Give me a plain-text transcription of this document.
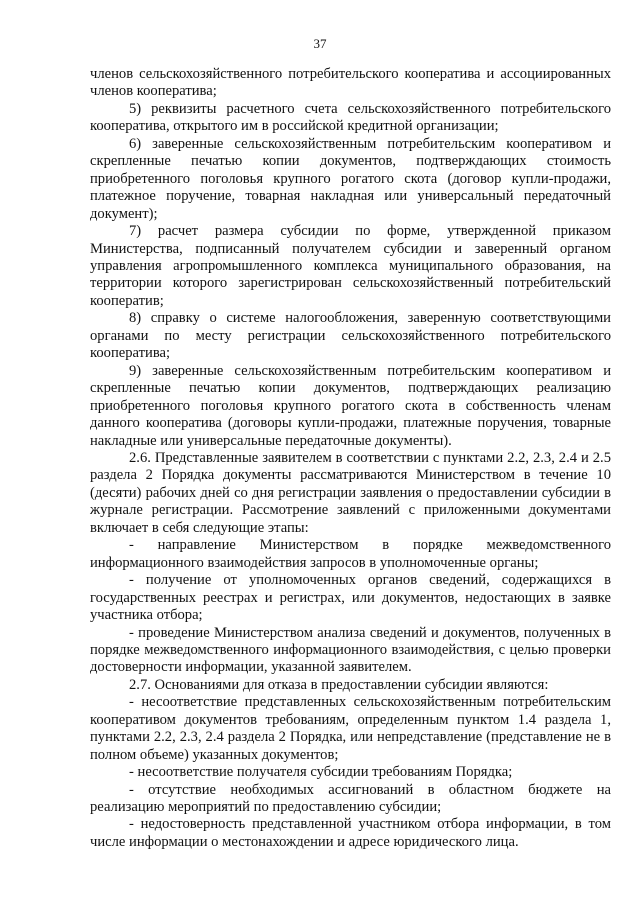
37

членов сельскохозяйственного потребительского кооператива и ассоциированных членов кооператива;

5) реквизиты расчетного счета сельскохозяйственного потребительского кооператива, открытого им в российской кредитной организации;

6) заверенные сельскохозяйственным потребительским кооперативом и скрепленные печатью копии документов, подтверждающих стоимость приобретенного поголовья крупного рогатого скота (договор купли-продажи, платежное поручение, товарная накладная или универсальный передаточный документ);

7) расчет размера субсидии по форме, утвержденной приказом Министерства, подписанный получателем субсидии и заверенный органом управления агропромышленного комплекса муниципального образования, на территории которого зарегистрирован сельскохозяйственный потребительский кооператив;

8) справку о системе налогообложения, заверенную соответствующими органами по месту регистрации сельскохозяйственного потребительского кооператива;

9) заверенные сельскохозяйственным потребительским кооперативом и скрепленные печатью копии документов, подтверждающих реализацию приобретенного поголовья крупного рогатого скота в собственность членам данного кооператива (договоры купли-продажи, платежные поручения, товарные накладные или универсальные передаточные документы).

2.6. Представленные заявителем в соответствии с пунктами 2.2, 2.3, 2.4 и 2.5 раздела 2 Порядка документы рассматриваются Министерством в течение 10 (десяти) рабочих дней со дня регистрации заявления о предоставлении субсидии в журнале регистрации. Рассмотрение заявлений с приложенными документами включает в себя следующие этапы:

- направление Министерством в порядке межведомственного информационного взаимодействия запросов в уполномоченные органы;

- получение от уполномоченных органов сведений, содержащихся в государственных реестрах и регистрах, или документов, недостающих в заявке участника отбора;

- проведение Министерством анализа сведений и документов, полученных в порядке межведомственного информационного взаимодействия, с целью проверки достоверности информации, указанной заявителем.

2.7. Основаниями для отказа в предоставлении субсидии являются:

- несоответствие представленных сельскохозяйственным потребительским кооперативом документов требованиям, определенным пунктом 1.4 раздела 1, пунктами 2.2, 2.3, 2.4 раздела 2 Порядка, или непредставление (представление не в полном объеме) указанных документов;

- несоответствие получателя субсидии требованиям Порядка;

- отсутствие необходимых ассигнований в областном бюджете на реализацию мероприятий по предоставлению субсидии;

- недостоверность представленной участником отбора информации, в том числе информации о местонахождении и адресе юридического лица.
